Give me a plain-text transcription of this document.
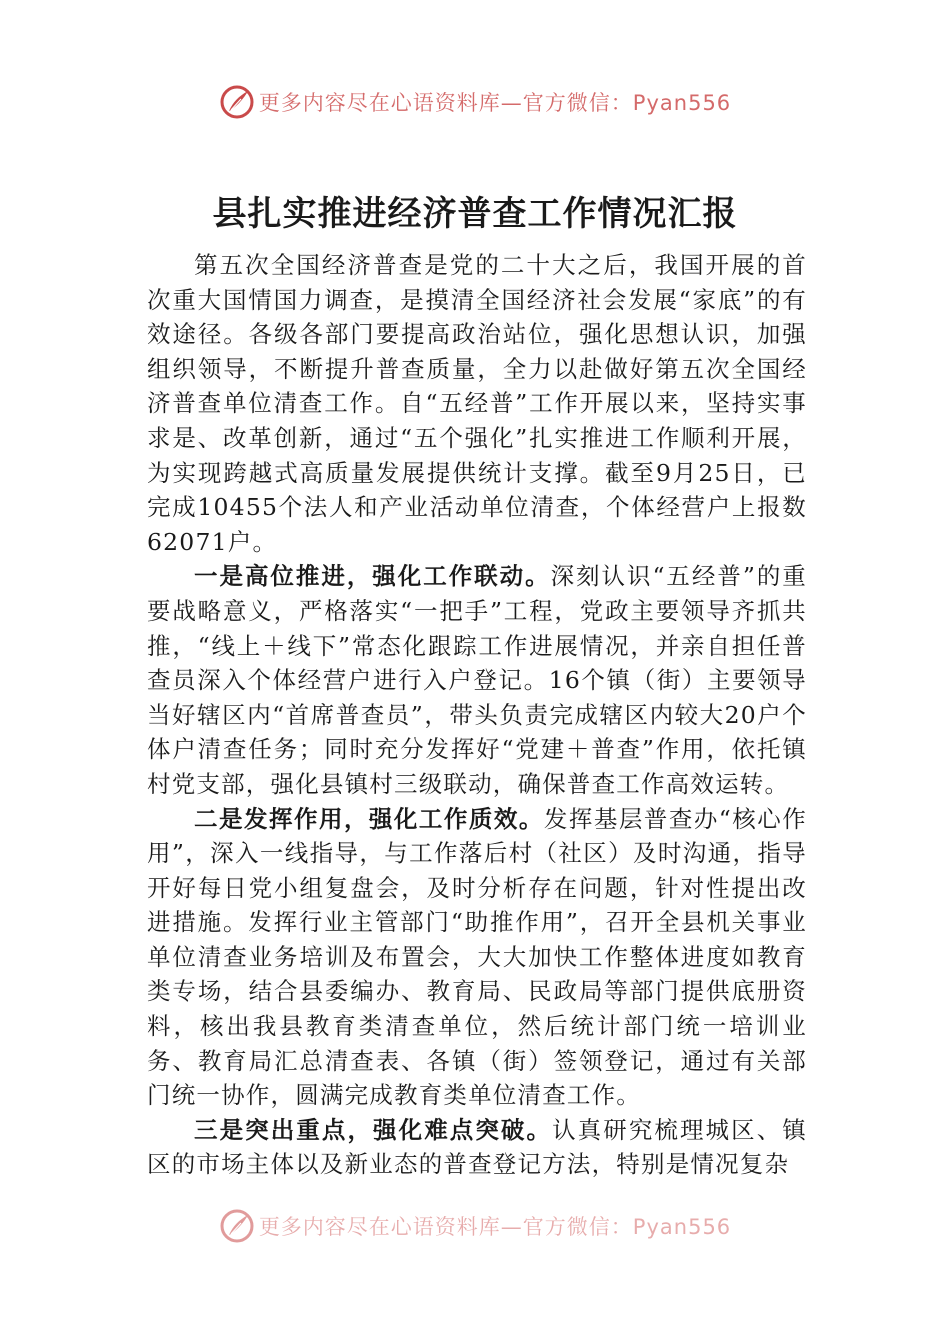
更多内容尽在心语资料库—官方微信：Pyan556
县扎实推进经济普查工作情况汇报

第五次全国经济普查是党的二十大之后，我国开展的首次重大国情国力调查，是摸清全国经济社会发展“家底”的有效途径。各级各部门要提高政治站位，强化思想认识，加强组织领导，不断提升普查质量，全力以赴做好第五次全国经济普查单位清查工作。自“五经普”工作开展以来，坚持实事求是、改革创新，通过“五个强化”扎实推进工作顺利开展，为实现跨越式高质量发展提供统计支撑。截至9月25日，已完成10455个法人和产业活动单位清查，个体经营户上报数62071户。

一是高位推进，强化工作联动。深刻认识“五经普”的重要战略意义，严格落实“一把手”工程，党政主要领导齐抓共推，“线上＋线下”常态化跟踪工作进展情况，并亲自担任普查员深入个体经营户进行入户登记。16个镇（街）主要领导当好辖区内“首席普查员”，带头负责完成辖区内较大20户个体户清查任务；同时充分发挥好“党建＋普查”作用，依托镇村党支部，强化县镇村三级联动，确保普查工作高效运转。

二是发挥作用，强化工作质效。发挥基层普查办“核心作用”，深入一线指导，与工作落后村（社区）及时沟通，指导开好每日党小组复盘会，及时分析存在问题，针对性提出改进措施。发挥行业主管部门“助推作用”，召开全县机关事业单位清查业务培训及布置会，大大加快工作整体进度如教育类专场，结合县委编办、教育局、民政局等部门提供底册资料，核出我县教育类清查单位，然后统计部门统一培训业务、教育局汇总清查表、各镇（街）签领登记，通过有关部门统一协作，圆满完成教育类单位清查工作。

三是突出重点，强化难点突破。认真研究梳理城区、镇区的市场主体以及新业态的普查登记方法，特别是情况复杂

更多内容尽在心语资料库—官方微信：Pyan556
